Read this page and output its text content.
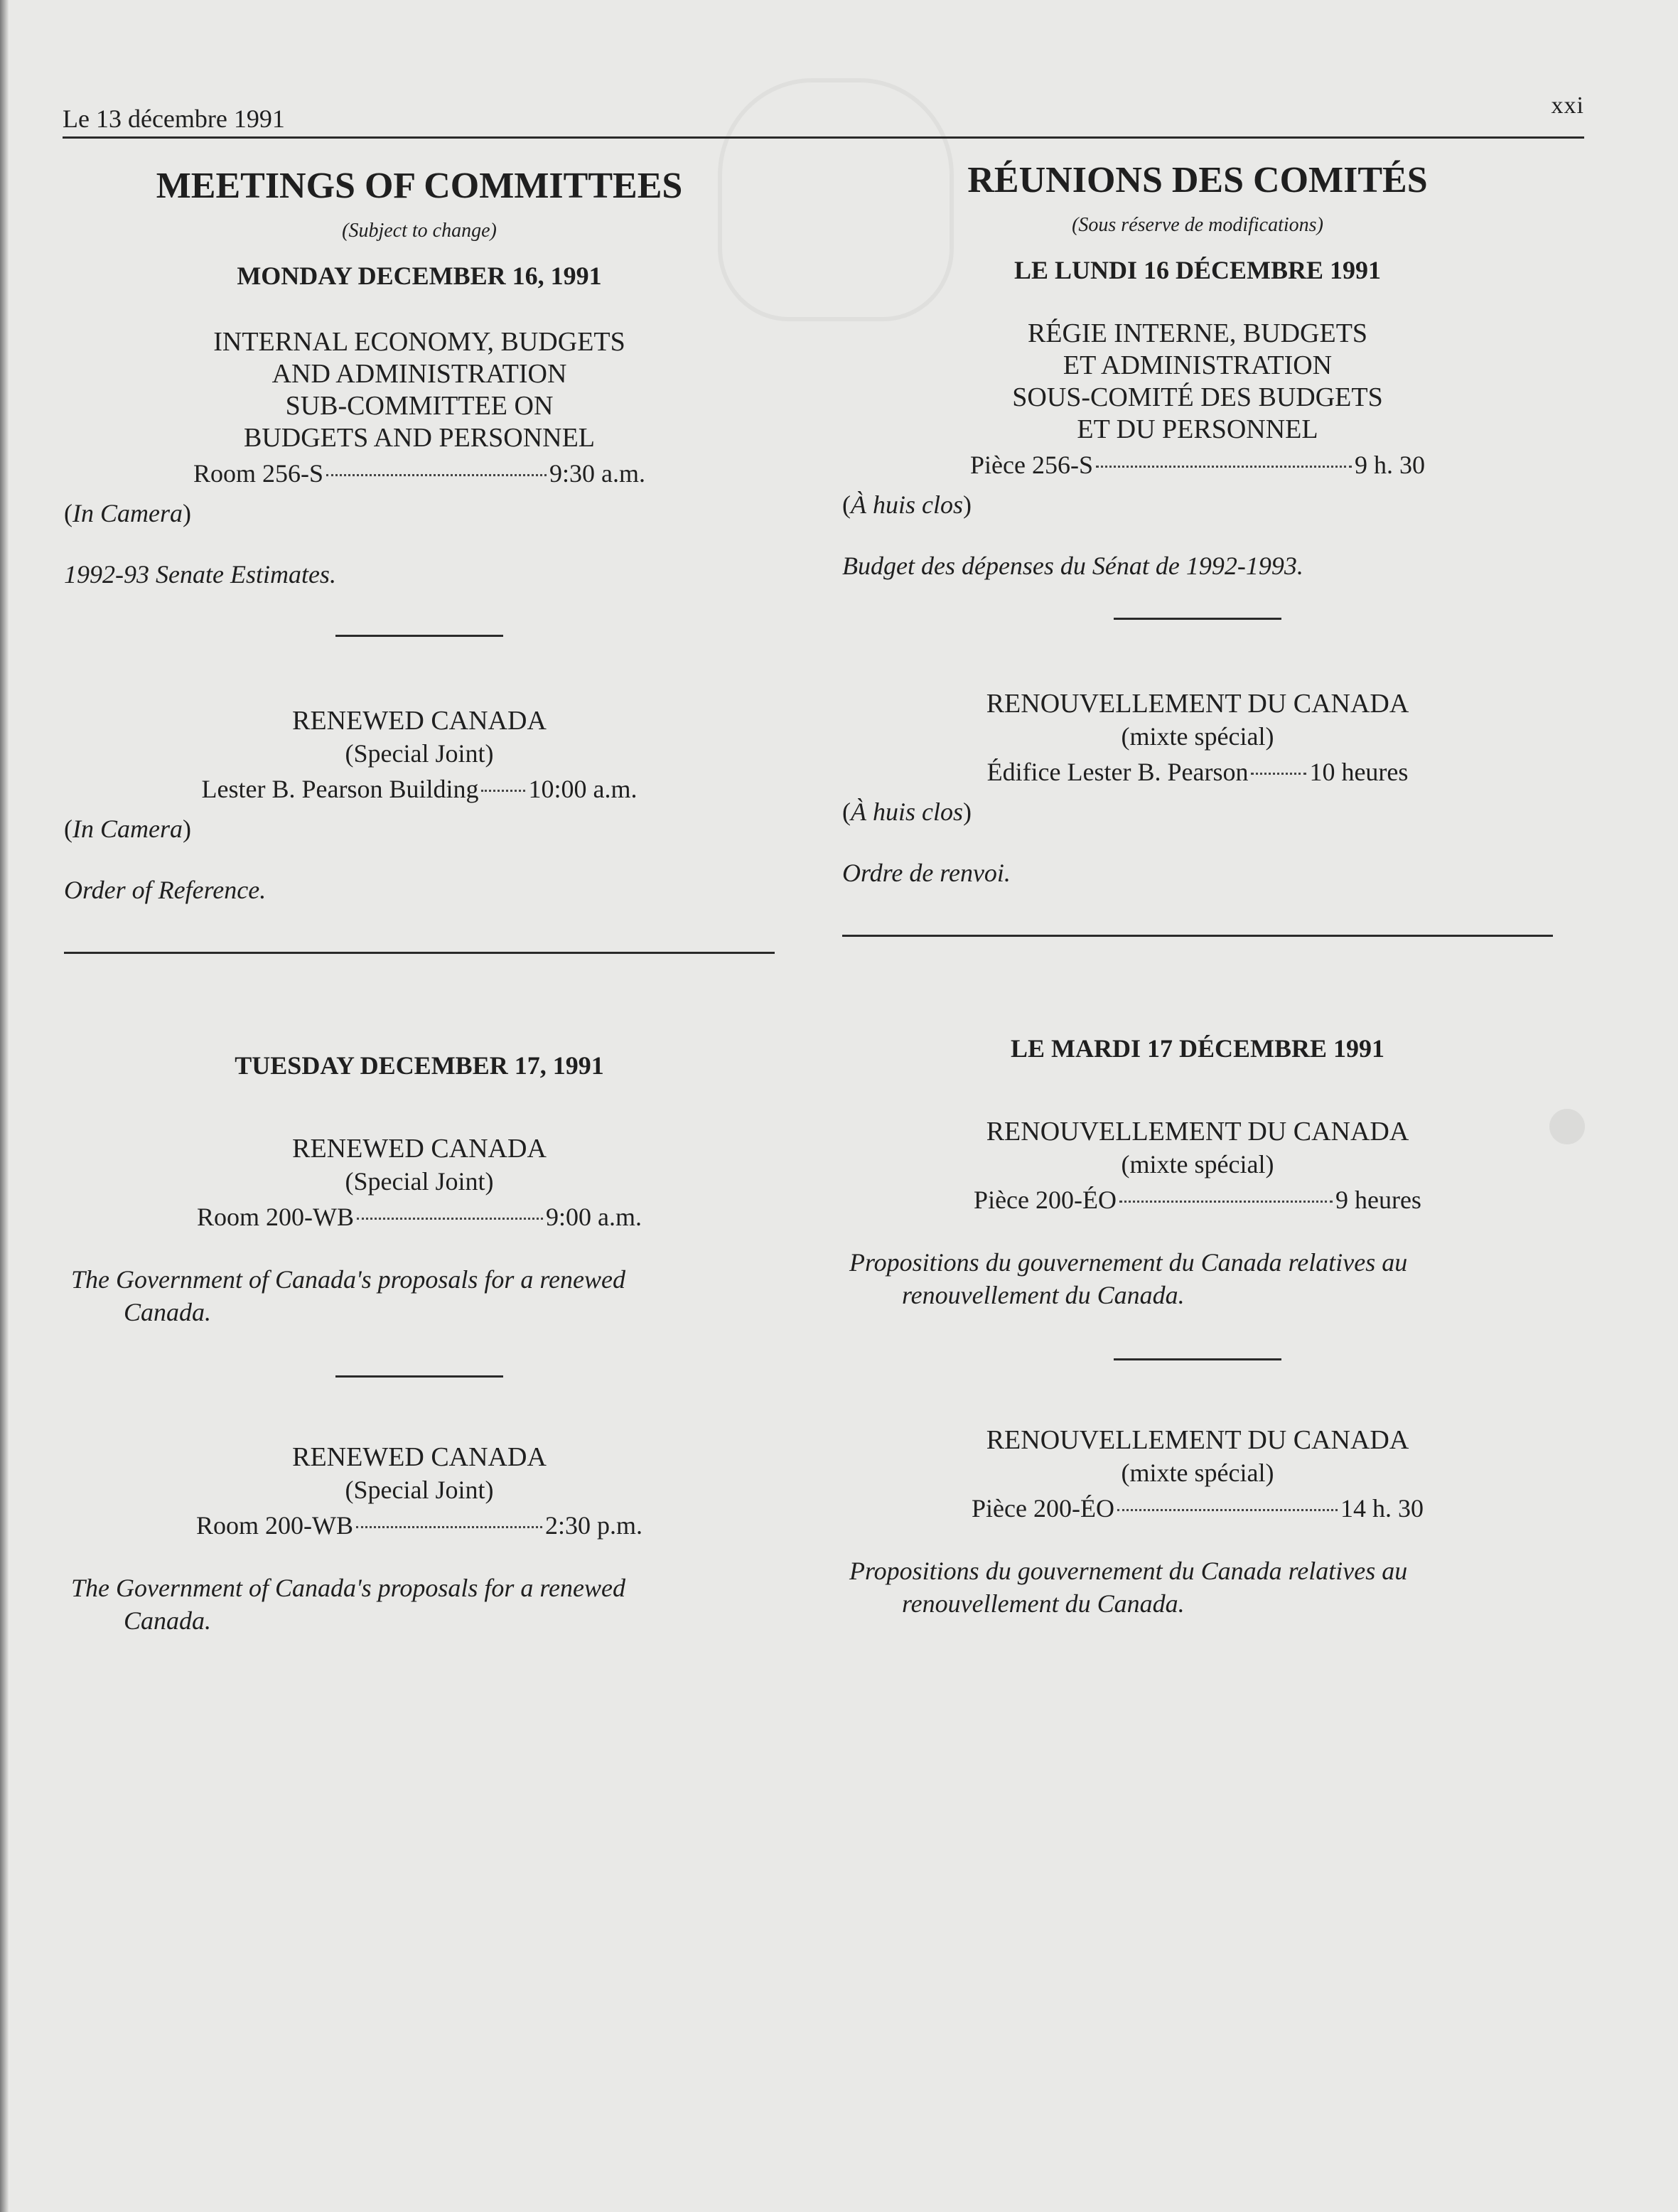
Le 13 décembre 1991	xxi
MEETINGS OF COMMITTEES
(Subject to change)
MONDAY DECEMBER 16, 1991
INTERNAL ECONOMY, BUDGETS
AND ADMINISTRATION
SUB-COMMITTEE ON
BUDGETS AND PERSONNEL
Room 256-S	9:30 a.m.
(In Camera)
1992-93 Senate Estimates.
RENEWED CANADA
(Special Joint)
Lester B. Pearson Building 10:00 a.m.
(In Camera)
Order of Reference.
TUESDAY DECEMBER 17, 1991
RENEWED CANADA
(Special Joint)
Room 200-WB	9:00 a.m.
The Government of Canada's proposals for a renewed
Canada.
RENEWED CANADA
(Special Joint)
Room 200-WB	2:30 p.m.
The Government of Canada's proposals for a renewed
Canada.
RÉUNIONS DES COMITÉS
(Sous réserve de modifications)
LE LUNDI 16 DÉCEMBRE 1991
RÉGIE INTERNE, BUDGETS
ET ADMINISTRATION
SOUS-COMITÉ DES BUDGETS
ET DU PERSONNEL
Pièce 256-S	9 h. 30
(À huis clos)
Budget des dépenses du Sénat de 1992-1993.
RENOUVELLEMENT DU CANADA
(mixte spécial)
Édifice Lester B. Pearson 10 heures
(À huis clos)
Ordre de renvoi.
LE MARDI 17 DÉCEMBRE 1991
RENOUVELLEMENT DU CANADA
(mixte spécial)
Pièce 200-ÉO	9 heures
Propositions du gouvernement du Canada relatives au
renouvellement du Canada.
RENOUVELLEMENT DU CANADA
(mixte spécial)
Pièce 200-ÉO	14 h. 30
Propositions du gouvernement du Canada relatives au
renouvellement du Canada.
